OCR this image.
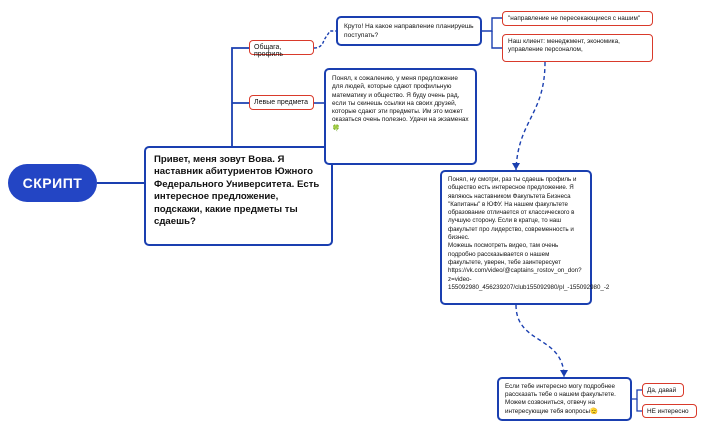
СКРИПТ
Привет, меня зовут Вова. Я наставник абитуриентов Южного Федерального Университета. Есть интересное предложение, подскажи, какие предметы ты сдаешь?
Общага, профиль
Левые предмета
Круто! На какое направление планируешь поступать?
Понял, к сожалению, у меня предложение для людей, которые сдают профильную математику и общество. Я буду очень рад, если ты скинешь ссылки на своих друзей, которые сдают эти предметы. Им это может оказаться очень полезно. Удачи на экзаменах🍀
"направление не пересекающиеся с нашим"
Наш клиент: менеджмент, экономика, управление персоналом,
Понял, ну смотри, раз ты сдаешь профиль и общество есть интересное предложение. Я являюсь наставником Факультета Бизнеса "Капитаны" в ЮФУ. На нашем факультете образование отличается от классического в лучшую сторону. Если в кратце, то наш факультет про лидерство, современность и бизнес.
Можешь посмотреть видео, там очень подробно рассказывается о нашем факультете, уверен, тебе заинтересует https://vk.com/video/@captains_rostov_on_don?z=video-155092980_456239207/club155092980/pl_-155092980_-2
Если тебе интересно могу подробнее рассказать тебе о нашем факультете. Можем созвониться, отвечу на интересующие тебя вопросы🫡
Да, давай
НЕ интересно
